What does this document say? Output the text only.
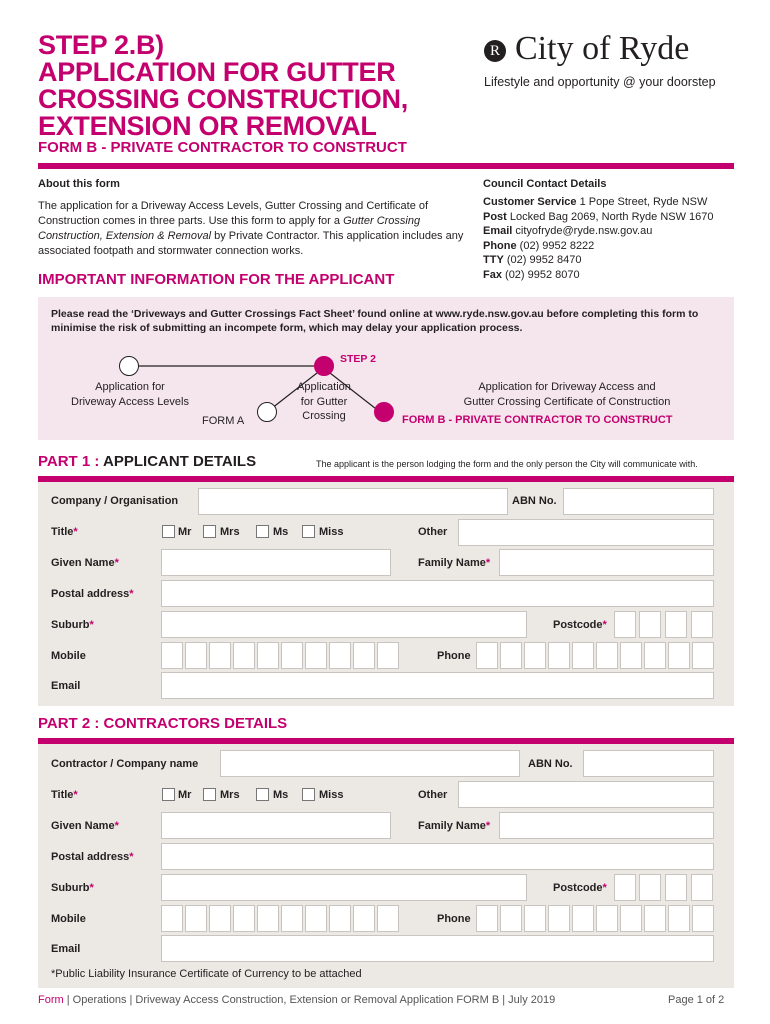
STEP 2.B)
APPLICATION FOR GUTTER
CROSSING CONSTRUCTION,
EXTENSION OR REMOVAL
R City of Ryde
Lifestyle and opportunity @ your doorstep
FORM B - PRIVATE CONTRACTOR TO CONSTRUCT
About this form
The application for a Driveway Access Levels, Gutter Crossing and Certificate of Construction comes in three parts. Use this form to apply for a Gutter Crossing Construction, Extension & Removal by Private Contractor. This application includes any associated footpath and stormwater connection works.
Council Contact Details
Customer Service 1 Pope Street, Ryde NSW
Post Locked Bag 2069, North Ryde NSW 1670
Email cityofryde@ryde.nsw.gov.au
Phone (02) 9952 8222
TTY (02) 9952 8470
Fax (02) 9952 8070
IMPORTANT INFORMATION FOR THE APPLICANT
Please read the ‘Driveways and Gutter Crossings Fact Sheet’ found online at www.ryde.nsw.gov.au before completing this form to minimise the risk of submitting an incompete form, which may delay your application process.
STEP 2
Application for
Driveway Access Levels
FORM A
Application
for Gutter
Crossing
Application for Driveway Access and
Gutter Crossing Certificate of Construction
FORM B - PRIVATE CONTRACTOR TO CONSTRUCT
PART 1 : APPLICANT DETAILS	The applicant is the person lodging the form and the only person the City will communicate with.
Company / Organisation	ABN No.
Title*	Mr	Mrs	Ms	Miss	Other
Given Name*	Family Name*
Postal address*
Suburb*	Postcode*
Mobile	Phone
Email
PART 2 : CONTRACTORS DETAILS
Contractor / Company name	ABN No.
Title*	Mr	Mrs	Ms	Miss	Other
Given Name*	Family Name*
Postal address*
Suburb*	Postcode*
Mobile	Phone
Email
*Public Liability Insurance Certificate of Currency to be attached
Form | Operations | Driveway Access Construction, Extension or Removal Application FORM B | July 2019	Page 1 of 2
